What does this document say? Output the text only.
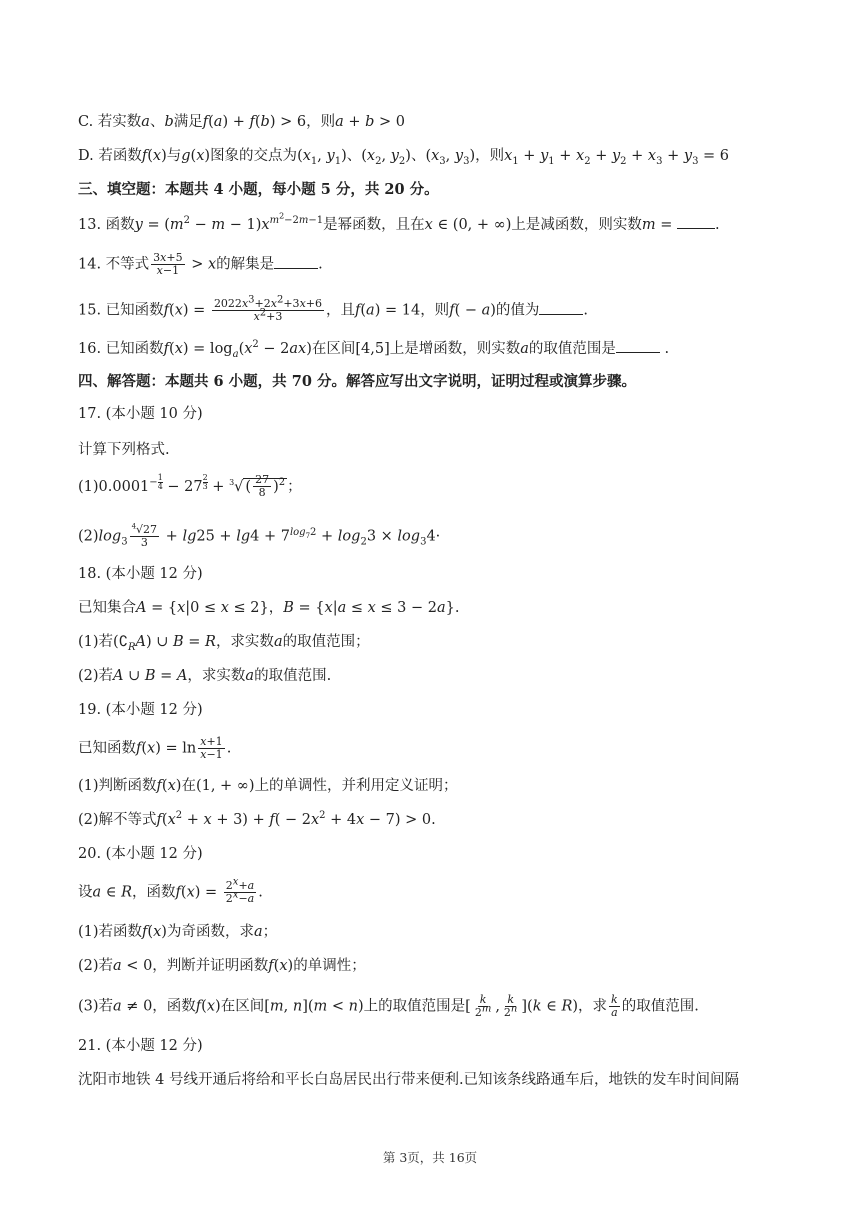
C. 若实数a、b满足f(a) + f(b) > 6，则a + b > 0
D. 若函数f(x)与g(x)图象的交点为($x_1$, $y_1$)、($x_2$, $y_2$)、($x_3$, $y_3$)，则$x_1 + y_1 + x_2 + y_2 + x_3 + y_3 = 6$
三、填空题：本题共 4 小题，每小题 5 分，共 20 分。
13. 函数$y = (m^2 - m - 1)x^{m^2-2m-1}$是幂函数，且在x ∈ (0, + ∞)上是减函数，则实数m =	.
14. 不等式 $\frac{3x+5}{x-1} > x$的解集是	.
15. 已知函数$f(x) = \frac{2022x^3+2x^2+3x+6}{x^2+3}$ ，且f(a) = 14，则f( − a)的值为	.
16. 已知函数$f(x) = \log_a(x^2 - 2ax)$在区间[4,5]上是增函数，则实数a的取值范围是	.
四、解答题：本题共 6 小题，共 70 分。解答应写出文字说明，证明过程或演算步骤。
17. (本小题 10 分)
计算下列格式.
$(1)0.0001^{- \frac{1}{4}} - 27$ $^{\frac{2}{3}}$ + $^3$√ ( $\frac{27}{8} )^2$ ；
$(2)\log_3 \frac{^4√27}{3} + \lg 25 + \lg 4 + 7^{log_72} + \log_23 \times \log_34\cdot$
18. (本小题 12 分)
已知集合A = {x|0 ≤ x ≤ 2}，B = {x|a ≤ x ≤ 3 − 2a}.
(1)若$(∁_RA)$ ∪ B = R，求实数a的取值范围；
(2)若A ∪ B = A，求实数a的取值范围.
19. (本小题 12 分)
已知函数$f(x) = \ln \frac{x+1}{x-1}$ .
(1)判断函数f(x)在(1, + ∞)上的单调性，并利用定义证明；
(2)解不等式$f(x^2 + x + 3) + f( - 2x^2 + 4x - 7) > 0$.
20. (本小题 12 分)
设a ∈ R，函数$f(x) = \frac{2^x+a}{2^x-a}$ .
(1)若函数f(x)为奇函数，求a；
(2)若a < 0，判断并证明函数f(x)的单调性；
(3)若a ≠ 0，函数f(x)在区间[m, n](m < n)上的取值范围是[ $\frac{k}{2^m}$ , $\frac{k}{2^n} ](k$ ∈ R)，求 $\frac{k}{a}$ 的取值范围.
21. (本小题 12 分)
沈阳市地铁 4 号线开通后将给和平长白岛居民出行带来便利.已知该条线路通车后，地铁的发车时间间隔
第 3页，共 16页
